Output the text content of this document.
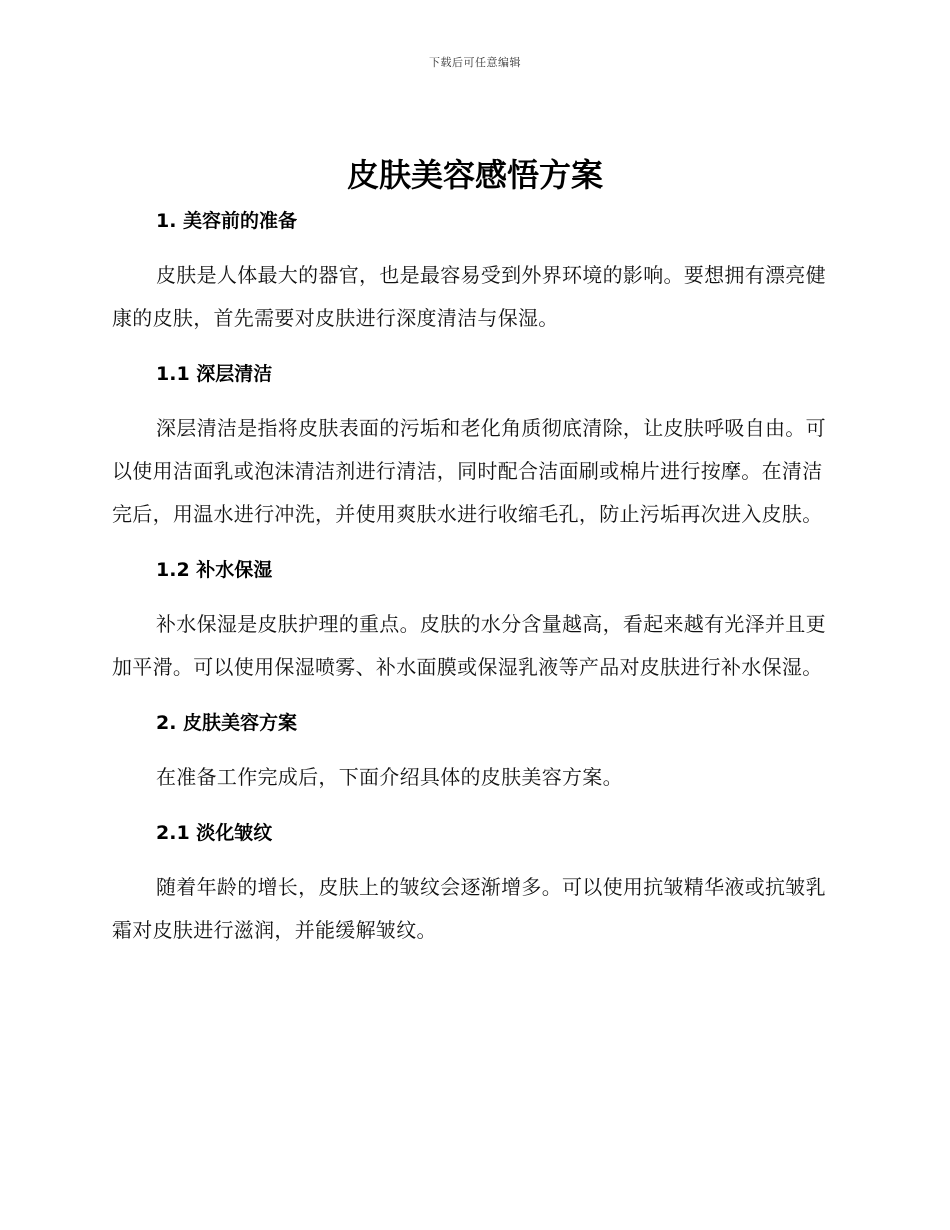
下载后可任意编辑
皮肤美容感悟方案
1. 美容前的准备

皮肤是人体最大的器官，也是最容易受到外界环境的影响。要想拥有漂亮健康的皮肤，首先需要对皮肤进行深度清洁与保湿。

1.1 深层清洁

深层清洁是指将皮肤表面的污垢和老化角质彻底清除，让皮肤呼吸自由。可以使用洁面乳或泡沫清洁剂进行清洁，同时配合洁面刷或棉片进行按摩。在清洁完后，用温水进行冲洗，并使用爽肤水进行收缩毛孔，防止污垢再次进入皮肤。

1.2 补水保湿

补水保湿是皮肤护理的重点。皮肤的水分含量越高，看起来越有光泽并且更加平滑。可以使用保湿喷雾、补水面膜或保湿乳液等产品对皮肤进行补水保湿。

2. 皮肤美容方案

在准备工作完成后，下面介绍具体的皮肤美容方案。

2.1 淡化皱纹

随着年龄的增长，皮肤上的皱纹会逐渐增多。可以使用抗皱精华液或抗皱乳霜对皮肤进行滋润，并能缓解皱纹。
